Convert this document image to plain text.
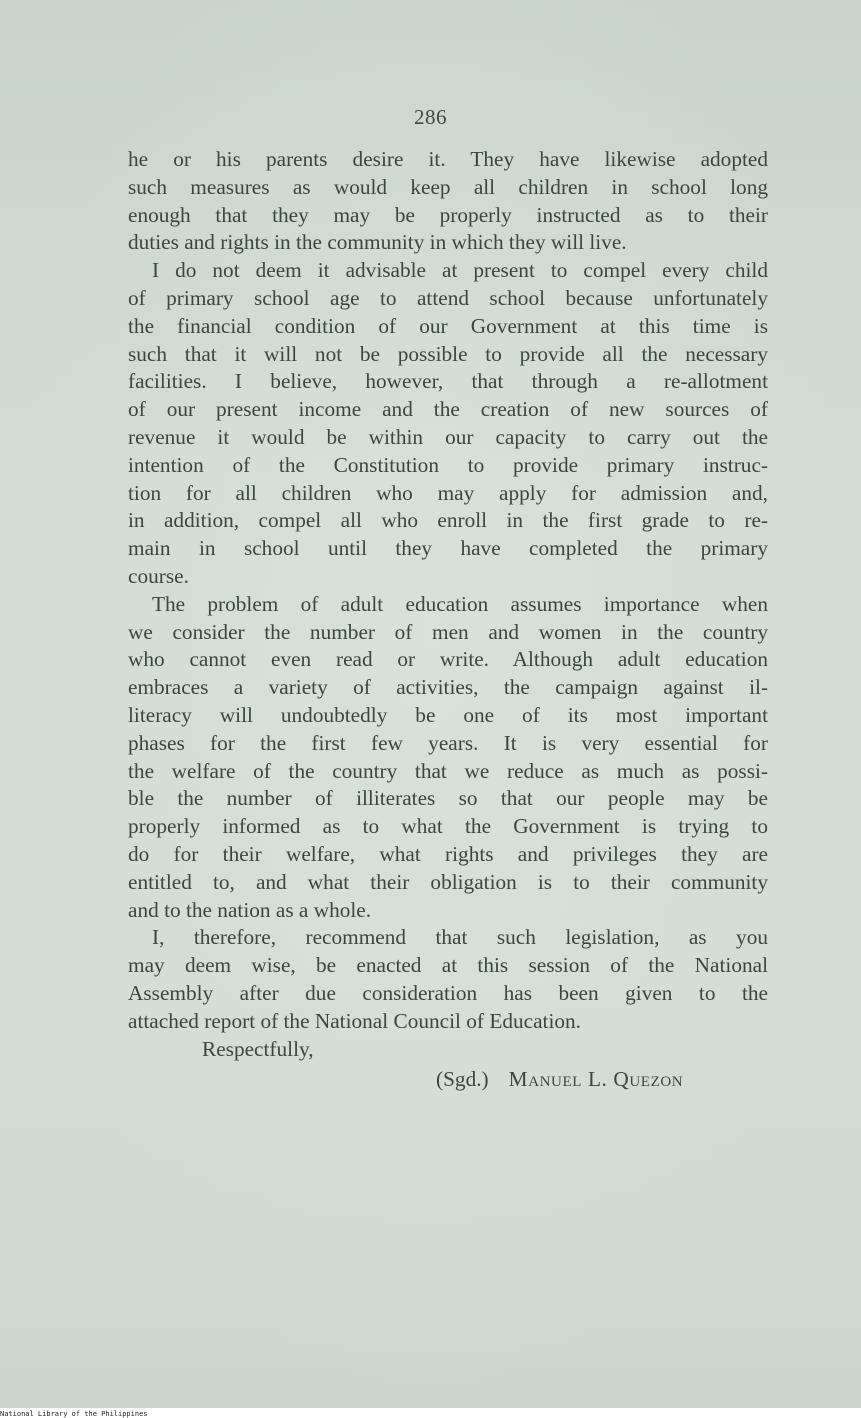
286
he or his parents desire it. They have likewise adopted
such measures as would keep all children in school long
enough that they may be properly instructed as to their
duties and rights in the community in which they will live.
I do not deem it advisable at present to compel every child
of primary school age to attend school because unfortunately
the financial condition of our Government at this time is
such that it will not be possible to provide all the necessary
facilities. I believe, however, that through a re-allotment
of our present income and the creation of new sources of
revenue it would be within our capacity to carry out the
intention of the Constitution to provide primary instruc-
tion for all children who may apply for admission and,
in addition, compel all who enroll in the first grade to re-
main in school until they have completed the primary
course.
The problem of adult education assumes importance when
we consider the number of men and women in the country
who cannot even read or write. Although adult education
embraces a variety of activities, the campaign against il-
literacy will undoubtedly be one of its most important
phases for the first few years. It is very essential for
the welfare of the country that we reduce as much as possi-
ble the number of illiterates so that our people may be
properly informed as to what the Government is trying to
do for their welfare, what rights and privileges they are
entitled to, and what their obligation is to their community
and to the nation as a whole.
I, therefore, recommend that such legislation, as you
may deem wise, be enacted at this session of the National
Assembly after due consideration has been given to the
attached report of the National Council of Education.
Respectfully,
(Sgd.) Manuel L. Quezon
National Library of the Philippines
